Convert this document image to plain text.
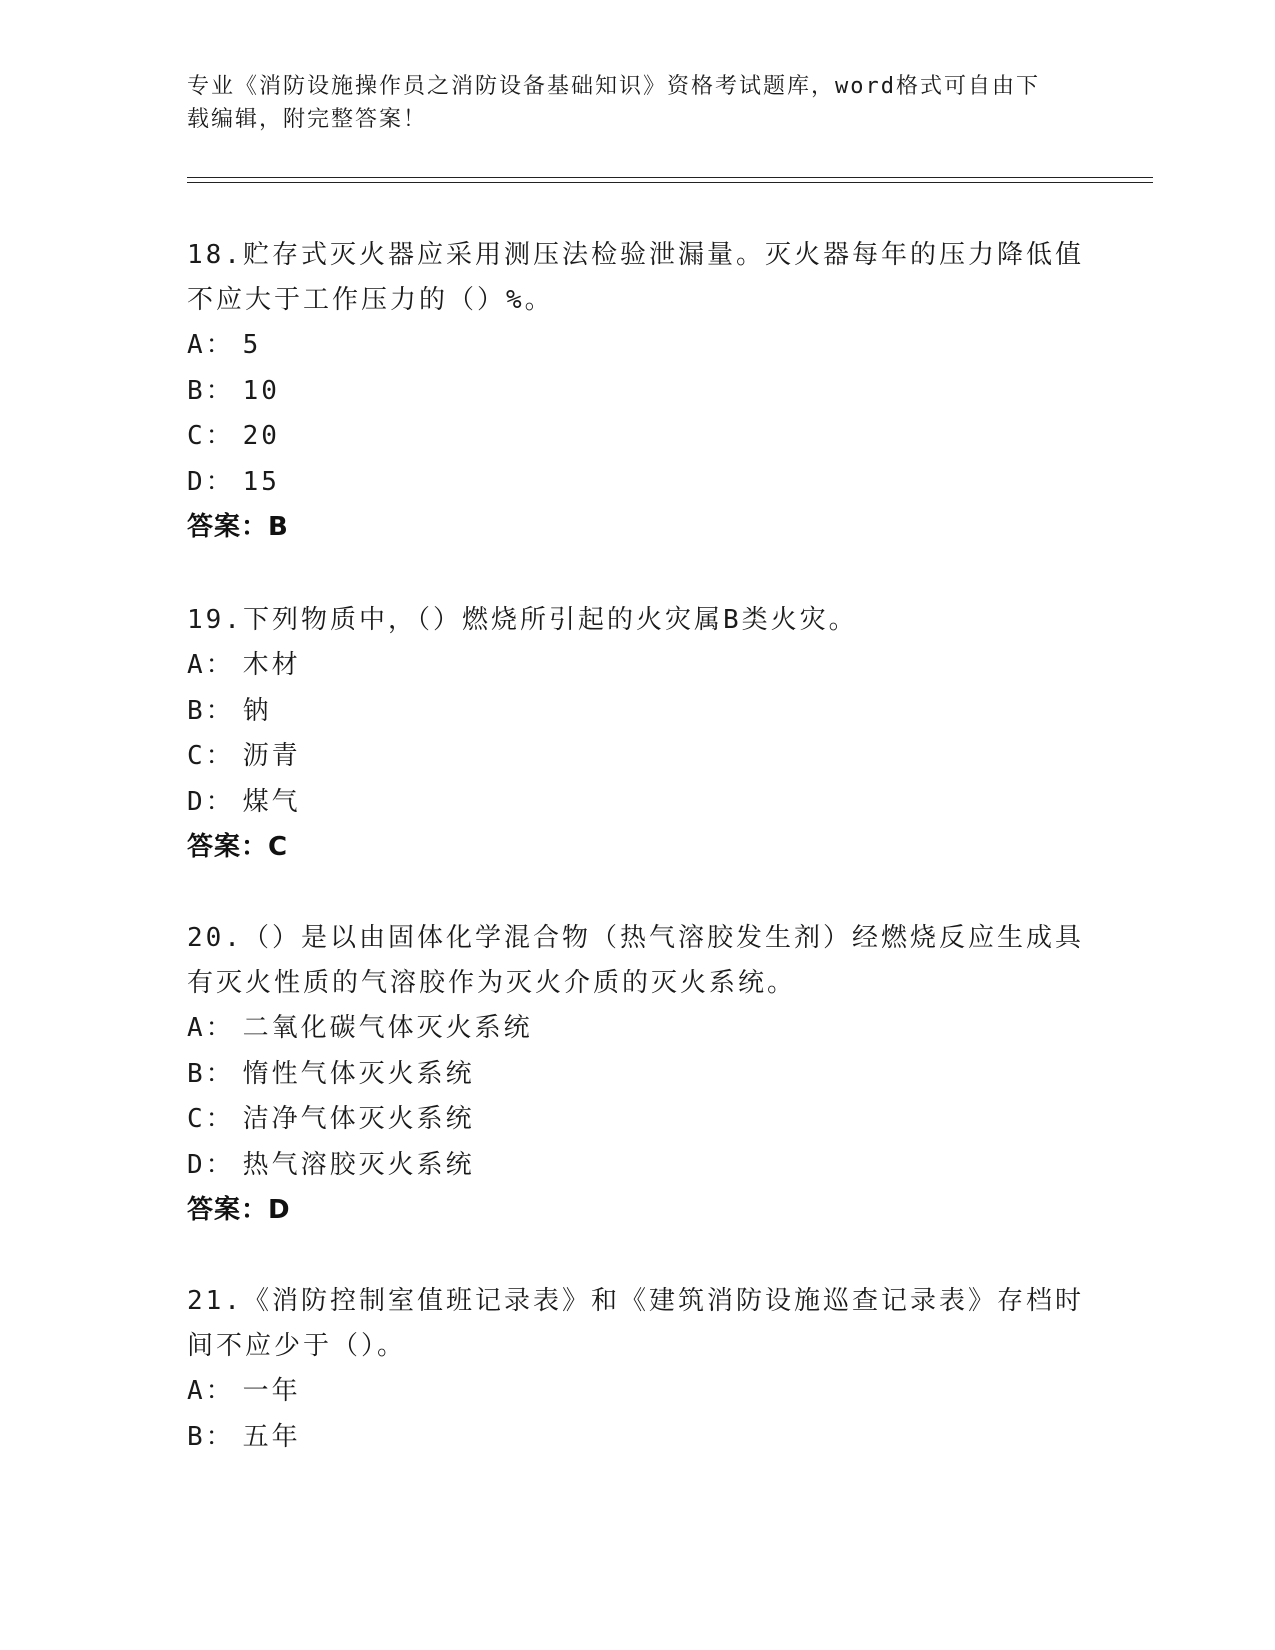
专业《消防设施操作员之消防设备基础知识》资格考试题库，word格式可自由下
载编辑，附完整答案！

18.贮存式灭火器应采用测压法检验泄漏量。灭火器每年的压力降低值

不应大于工作压力的（）%。

A： 5

B： 10

C： 20

D： 15

答案：B

19.下列物质中，（）燃烧所引起的火灾属B类火灾。

A： 木材

B： 钠

C： 沥青

D： 煤气

答案：C

20.（）是以由固体化学混合物（热气溶胶发生剂）经燃烧反应生成具

有灭火性质的气溶胶作为灭火介质的灭火系统。

A： 二氧化碳气体灭火系统

B： 惰性气体灭火系统

C： 洁净气体灭火系统

D： 热气溶胶灭火系统

答案：D

21.《消防控制室值班记录表》和《建筑消防设施巡查记录表》存档时

间不应少于（）。

A： 一年

B： 五年
